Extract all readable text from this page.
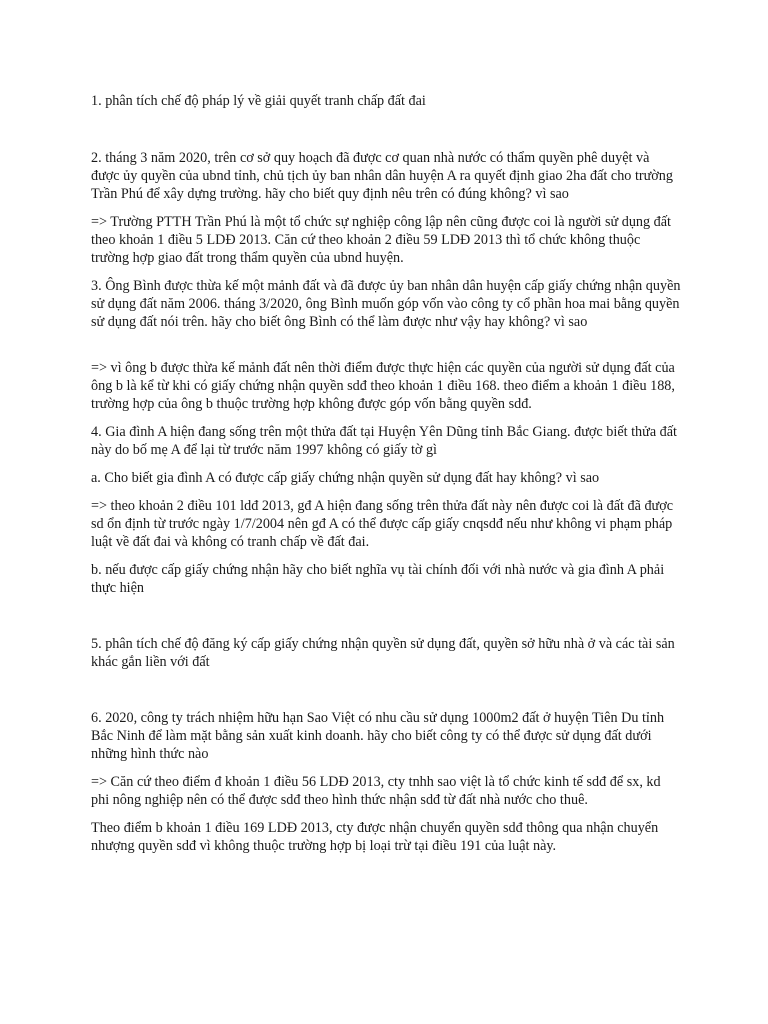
1. phân tích chế độ pháp lý về giải quyết tranh chấp đất đai

2. tháng 3 năm 2020, trên cơ sở quy hoạch đã được cơ quan nhà nước có thẩm quyền phê duyệt và được ủy quyền của ubnd tỉnh, chủ tịch ủy ban nhân dân huyện A ra quyết định giao 2ha đất cho trường Trần Phú để xây dựng trường. hãy cho biết quy định nêu trên có đúng không? vì sao

=> Trường PTTH Trần Phú là một tổ chức sự nghiệp công lập nên cũng được coi là người sử dụng đất theo khoản 1 điều 5 LDĐ 2013. Căn cứ theo khoản 2 điều 59 LDĐ 2013 thì tổ chức không thuộc trường hợp giao đất trong thẩm quyền của ubnd huyện.

3. Ông Bình được thừa kế một mảnh đất và đã được ủy ban nhân dân huyện cấp giấy chứng nhận quyền sử dụng đất năm 2006. tháng 3/2020, ông Bình muốn góp vốn vào công ty cổ phần hoa mai bằng quyền sử dụng đất nói trên. hãy cho biết ông Bình có thể làm được như vậy hay không? vì sao

=> vì ông b được thừa kế mảnh đất nên thời điểm được thực hiện các quyền của người sử dụng đất của ông b là kể từ khi có giấy chứng nhận quyền sdđ theo khoản 1 điều 168. theo điểm a khoản 1 điều 188, trường hợp của ông b thuộc trường hợp không được góp vốn bằng quyền sdđ.

4. Gia đình A hiện đang sống trên một thửa đất tại Huyện Yên Dũng tỉnh Bắc Giang. được biết thửa đất này do bố mẹ A để lại từ trước năm 1997 không có giấy tờ gì

a. Cho biết gia đình A có được cấp giấy chứng nhận quyền sử dụng đất hay không? vì sao

=> theo khoản 2 điều 101 ldđ 2013, gđ A hiện đang sống trên thửa đất này nên được coi là đất đã được sd ổn định từ trước ngày 1/7/2004 nên gđ A có thể được cấp giấy cnqsdđ nếu như không vi phạm pháp luật về đất đai và không có tranh chấp về đất đai.

b. nếu được cấp giấy chứng nhận hãy cho biết nghĩa vụ tài chính đối với nhà nước và gia đình A phải thực hiện

5. phân tích chế độ đăng ký cấp giấy chứng nhận quyền sử dụng đất, quyền sở hữu nhà ở và các tài sản khác gắn liền với đất

6. 2020, công ty trách nhiệm hữu hạn Sao Việt có nhu cầu sử dụng 1000m2 đất ở huyện Tiên Du tỉnh Bắc Ninh để làm mặt bằng sản xuất kinh doanh. hãy cho biết công ty có thể được sử dụng đất dưới những hình thức nào

=> Căn cứ theo điểm đ khoản 1 điều 56 LDĐ 2013, cty tnhh sao việt là tổ chức kinh tế sdđ để sx, kd phi nông nghiệp nên có thể được sdđ theo hình thức nhận sdđ từ đất nhà nước cho thuê.

Theo điểm b khoản 1 điều 169 LDĐ 2013, cty được nhận chuyển quyền sdđ thông qua nhận chuyển nhượng quyền sdđ vì không thuộc trường hợp bị loại trừ tại điều 191 của luật này.
